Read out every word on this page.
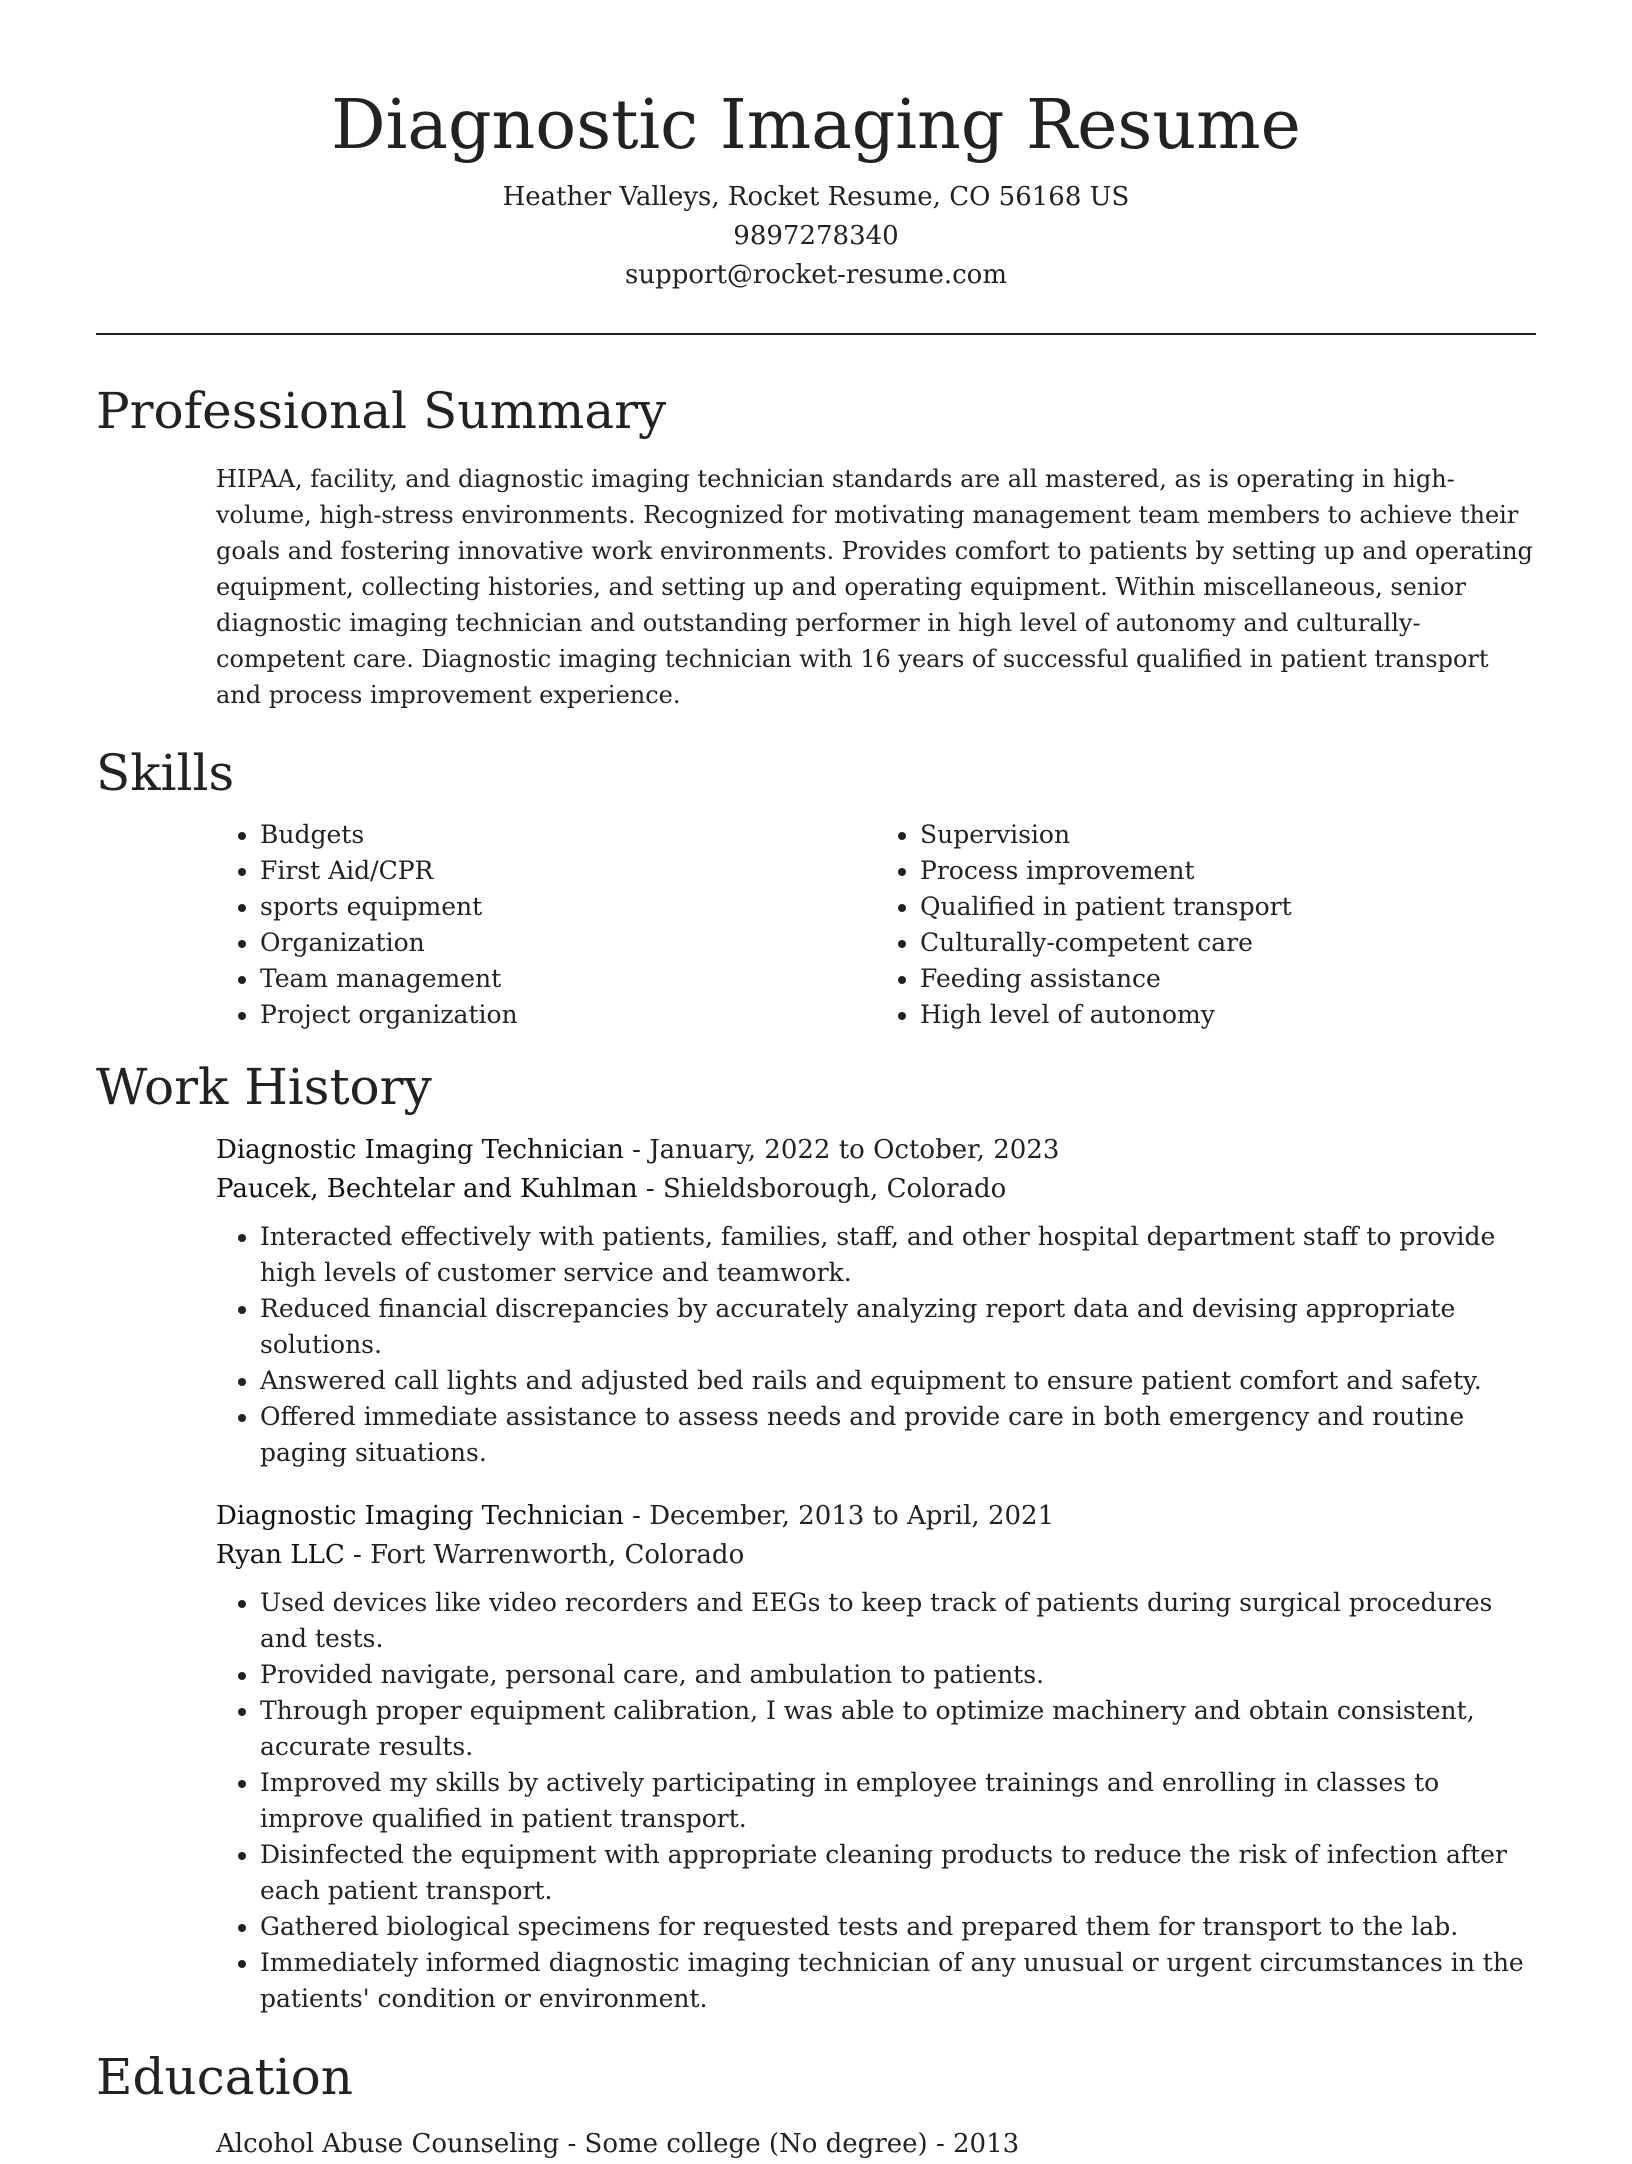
Diagnostic Imaging Resume
Heather Valleys, Rocket Resume, CO 56168 US
9897278340
support@rocket-resume.com
Professional Summary

HIPAA, facility, and diagnostic imaging technician standards are all mastered, as is operating in high-volume, high-stress environments. Recognized for motivating management team members to achieve their goals and fostering innovative work environments. Provides comfort to patients by setting up and operating equipment, collecting histories, and setting up and operating equipment. Within miscellaneous, senior diagnostic imaging technician and outstanding performer in high level of autonomy and culturally-competent care. Diagnostic imaging technician with 16 years of successful qualified in patient transport and process improvement experience.

Skills
• Budgets
• First Aid/CPR
• sports equipment
• Organization
• Team management
• Project organization
• Supervision
• Process improvement
• Qualified in patient transport
• Culturally-competent care
• Feeding assistance
• High level of autonomy
Work History
Diagnostic Imaging Technician - January, 2022 to October, 2023
Paucek, Bechtelar and Kuhlman - Shieldsborough, Colorado
• Interacted effectively with patients, families, staff, and other hospital department staff to provide high levels of customer service and teamwork.
• Reduced financial discrepancies by accurately analyzing report data and devising appropriate solutions.
• Answered call lights and adjusted bed rails and equipment to ensure patient comfort and safety.
• Offered immediate assistance to assess needs and provide care in both emergency and routine paging situations.
Diagnostic Imaging Technician - December, 2013 to April, 2021
Ryan LLC - Fort Warrenworth, Colorado
• Used devices like video recorders and EEGs to keep track of patients during surgical procedures and tests.
• Provided navigate, personal care, and ambulation to patients.
• Through proper equipment calibration, I was able to optimize machinery and obtain consistent, accurate results.
• Improved my skills by actively participating in employee trainings and enrolling in classes to improve qualified in patient transport.
• Disinfected the equipment with appropriate cleaning products to reduce the risk of infection after each patient transport.
• Gathered biological specimens for requested tests and prepared them for transport to the lab.
• Immediately informed diagnostic imaging technician of any unusual or urgent circumstances in the patients' condition or environment.
Education
Alcohol Abuse Counseling - Some college (No degree) - 2013
